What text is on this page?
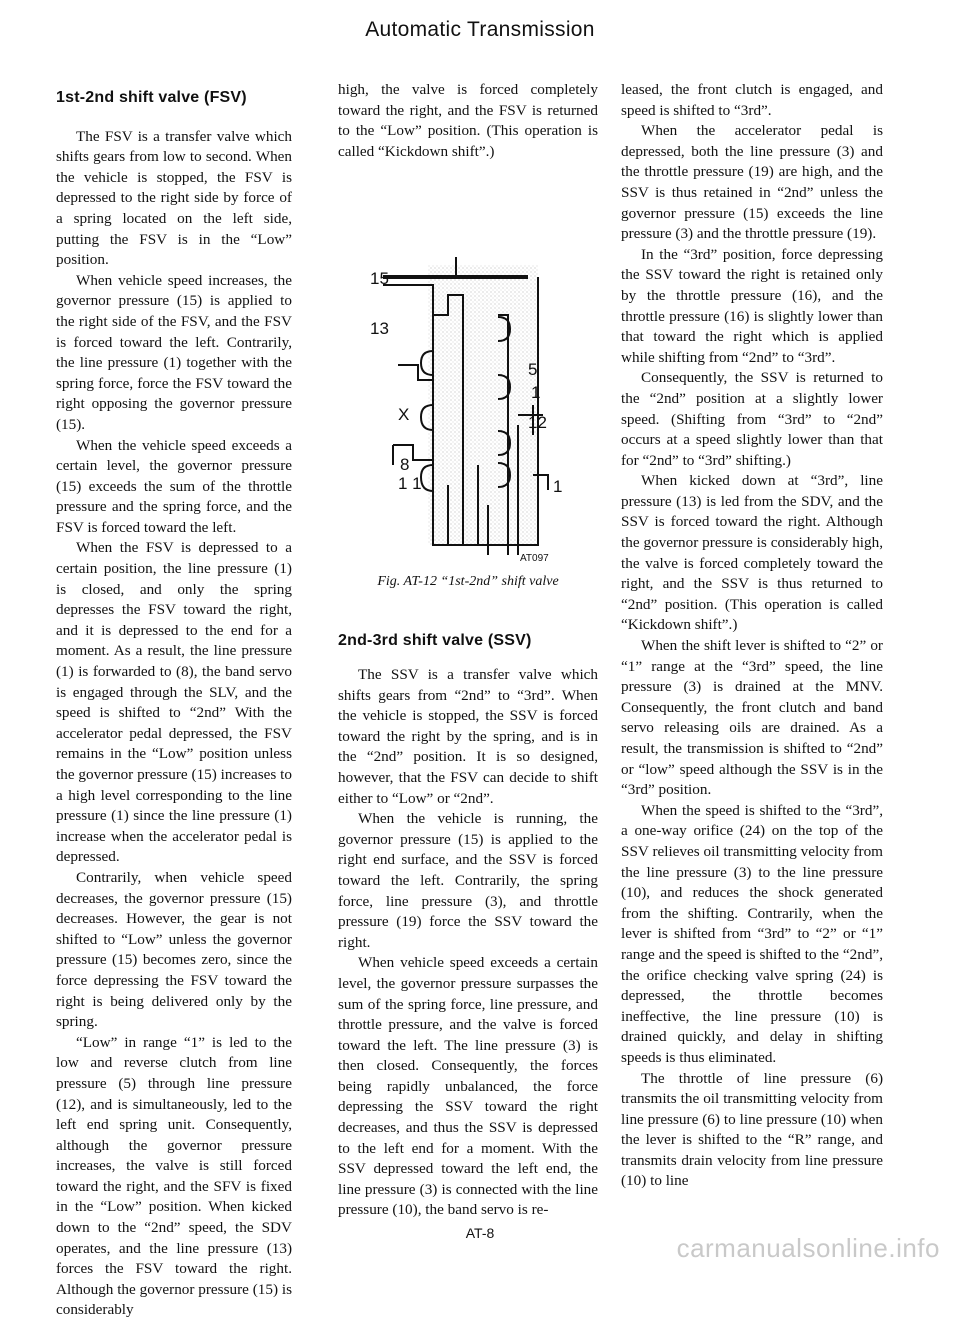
Automatic Transmission
1st-2nd shift valve (FSV)

The FSV is a transfer valve which shifts gears from low to second. When the vehicle is stopped, the FSV is depressed to the right side by force of a spring located on the left side, putting the FSV is in the “Low” position.

When vehicle speed increases, the governor pressure (15) is applied to the right side of the FSV, and the FSV is forced toward the left. Contrarily, the line pressure (1) together with the spring force, force the FSV toward the right opposing the governor pressure (15).

When the vehicle speed exceeds a certain level, the governor pressure (15) exceeds the sum of the throttle pressure and the spring force, and the FSV is forced toward the left.

When the FSV is depressed to a certain position, the line pressure (1) is closed, and only the spring depresses the FSV toward the right, and it is depressed to the end for a moment. As a result, the line pressure (1) is forwarded to (8), the band servo is engaged through the SLV, and the speed is shifted to “2nd” With the accelerator pedal depressed, the FSV remains in the “Low” position unless the governor pressure (15) increases to a high level corresponding to the line pressure (1) since the line pressure (1) increase when the accelerator pedal is depressed.

Contrarily, when vehicle speed decreases, the governor pressure (15) decreases. However, the gear is not shifted to “Low” unless the governor pressure (15) becomes zero, since the force depressing the FSV toward the right is being delivered only by the spring.

“Low” in range “1” is led to the low and reverse clutch from line pressure (5) through line pressure (12), and is simultaneously, led to the left end spring unit. Consequently, although the governor pressure increases, the valve is still forced toward the right, and the SFV is fixed in the “Low” position. When kicked down to the “2nd” speed, the SDV operates, and the line pressure (13) forces the FSV toward the right. Although the governor pressure (15) is considerably

high, the valve is forced completely toward the right, and the FSV is returned to the “Low” position. (This operation is called “Kickdown shift”.)

15
13
5
1
12
X
8
1 1	1
AT097
Fig. AT-12 “1st-2nd” shift valve
2nd-3rd shift valve (SSV)

The SSV is a transfer valve which shifts gears from “2nd” to “3rd”. When the vehicle is stopped, the SSV is forced toward the right by the spring, and is in the “2nd” position. It is so designed, however, that the FSV can decide to shift either to “Low” or “2nd”.

When the vehicle is running, the governor pressure (15) is applied to the right end surface, and the SSV is forced toward the left. Contrarily, the spring force, line pressure (3), and throttle pressure (19) force the SSV toward the right.

When vehicle speed exceeds a certain level, the governor pressure surpasses the sum of the spring force, line pressure, and throttle pressure, and the valve is forced toward the left. The line pressure (3) is then closed. Consequently, the forces being rapidly unbalanced, the force depressing the SSV toward the right decreases, and thus the SSV is depressed to the left end for a moment. With the SSV depressed toward the left end, the line pressure (3) is connected with the line pressure (10), the band servo is re-

leased, the front clutch is engaged, and speed is shifted to “3rd”.

When the accelerator pedal is depressed, both the line pressure (3) and the throttle pressure (19) are high, and the SSV is thus retained in “2nd” unless the governor pressure (15) exceeds the line pressure (3) and the throttle pressure (19).

In the “3rd” position, force depressing the SSV toward the right is retained only by the throttle pressure (16), and the throttle pressure (16) is slightly lower than that toward the right which is applied while shifting from “2nd” to “3rd”.

Consequently, the SSV is returned to the “2nd” position at a slightly lower speed. (Shifting from “3rd” to “2nd” occurs at a speed slightly lower than that for “2nd” to “3rd” shifting.)

When kicked down at “3rd”, line pressure (13) is led from the SDV, and the SSV is forced toward the right. Although the governor pressure is considerably high, the valve is forced completely toward the right, and the SSV is thus returned to “2nd” position. (This operation is called “Kickdown shift”.)

When the shift lever is shifted to “2” or “1” range at the “3rd” speed, the line pressure (3) is drained at the MNV. Consequently, the front clutch and band servo releasing oils are drained. As a result, the transmission is shifted to “2nd” or “low” speed although the SSV is in the “3rd” position.

When the speed is shifted to the “3rd”, a one-way orifice (24) on the top of the SSV relieves oil transmitting velocity from the line pressure (3) to the line pressure (10), and reduces the shock generated from the shifting. Contrarily, when the lever is shifted from “3rd” to “2” or “1” range and the speed is shifted to the “2nd”, the orifice checking valve spring (24) is depressed, the throttle becomes ineffective, the line pressure (10) is drained quickly, and delay in shifting speeds is thus eliminated.

The throttle of line pressure (6) transmits the oil transmitting velocity from line pressure (6) to line pressure (10) when the lever is shifted to the “R” range, and transmits drain velocity from line pressure (10) to line

AT-8	carmanualsonline.info
